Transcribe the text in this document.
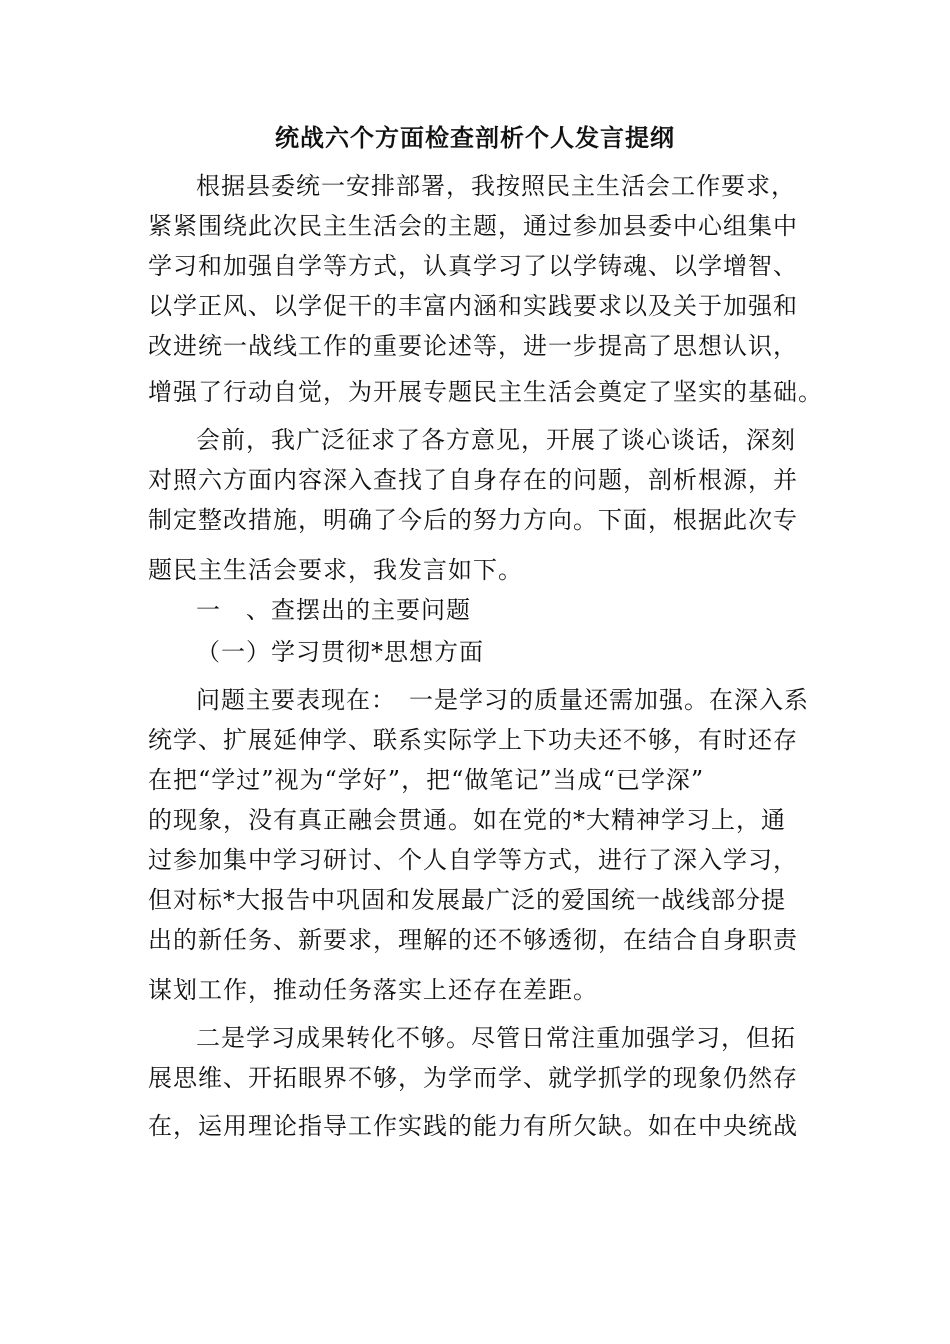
统战六个方面检查剖析个人发言提纲

根据县委统一安排部署，我按照民主生活会工作要求，

紧紧围绕此次民主生活会的主题，通过参加县委中心组集中

学习和加强自学等方式，认真学习了以学铸魂、以学增智、

以学正风、以学促干的丰富内涵和实践要求以及关于加强和

改进统一战线工作的重要论述等，进一步提高了思想认识，

增强了行动自觉，为开展专题民主生活会奠定了坚实的基础。

会前，我广泛征求了各方意见，开展了谈心谈话，深刻

对照六方面内容深入查找了自身存在的问题，剖析根源，并

制定整改措施，明确了今后的努力方向。下面，根据此次专

题民主生活会要求，我发言如下。

一　、查摆出的主要问题

（一）学习贯彻*思想方面

问题主要表现在：　一是学习的质量还需加强。在深入系

统学、扩展延伸学、联系实际学上下功夫还不够，有时还存

在把“学过”视为“学好”，把“做笔记”当成“已学深”

的现象，没有真正融会贯通。如在党的*大精神学习上，通

过参加集中学习研讨、个人自学等方式，进行了深入学习，

但对标*大报告中巩固和发展最广泛的爱国统一战线部分提

出的新任务、新要求，理解的还不够透彻，在结合自身职责

谋划工作，推动任务落实上还存在差距。

二是学习成果转化不够。尽管日常注重加强学习，但拓

展思维、开拓眼界不够，为学而学、就学抓学的现象仍然存

在，运用理论指导工作实践的能力有所欠缺。如在中央统战
